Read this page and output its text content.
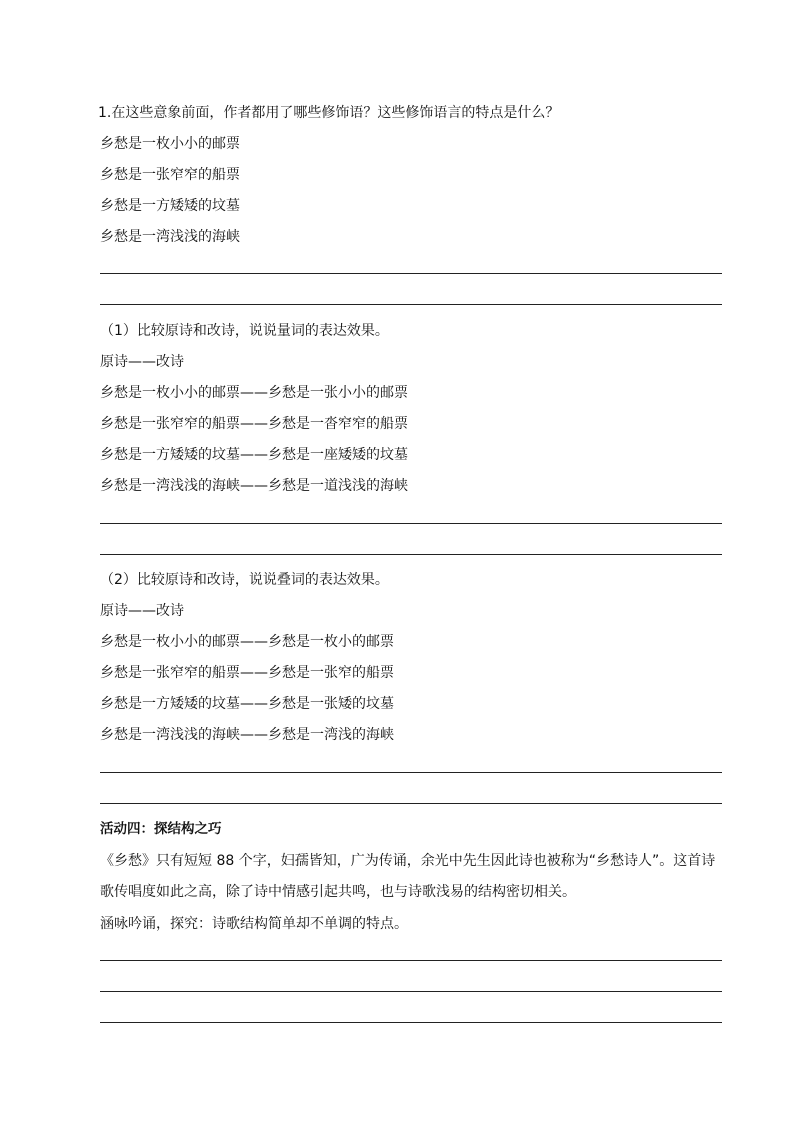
1.在这些意象前面，作者都用了哪些修饰语？这些修饰语言的特点是什么？
乡愁是一枚小小的邮票
乡愁是一张窄窄的船票
乡愁是一方矮矮的坟墓
乡愁是一湾浅浅的海峡
（1）比较原诗和改诗，说说量词的表达效果。
原诗——改诗
乡愁是一枚小小的邮票——乡愁是一张小小的邮票
乡愁是一张窄窄的船票——乡愁是一沓窄窄的船票
乡愁是一方矮矮的坟墓——乡愁是一座矮矮的坟墓
乡愁是一湾浅浅的海峡——乡愁是一道浅浅的海峡
（2）比较原诗和改诗，说说叠词的表达效果。
原诗——改诗
乡愁是一枚小小的邮票——乡愁是一枚小的邮票
乡愁是一张窄窄的船票——乡愁是一张窄的船票
乡愁是一方矮矮的坟墓——乡愁是一张矮的坟墓
乡愁是一湾浅浅的海峡——乡愁是一湾浅的海峡
活动四：探结构之巧
《乡愁》只有短短 88 个字，妇孺皆知，广为传诵，余光中先生因此诗也被称为“乡愁诗人”。这首诗歌传唱度如此之高，除了诗中情感引起共鸣，也与诗歌浅易的结构密切相关。
涵咏吟诵，探究：诗歌结构简单却不单调的特点。
